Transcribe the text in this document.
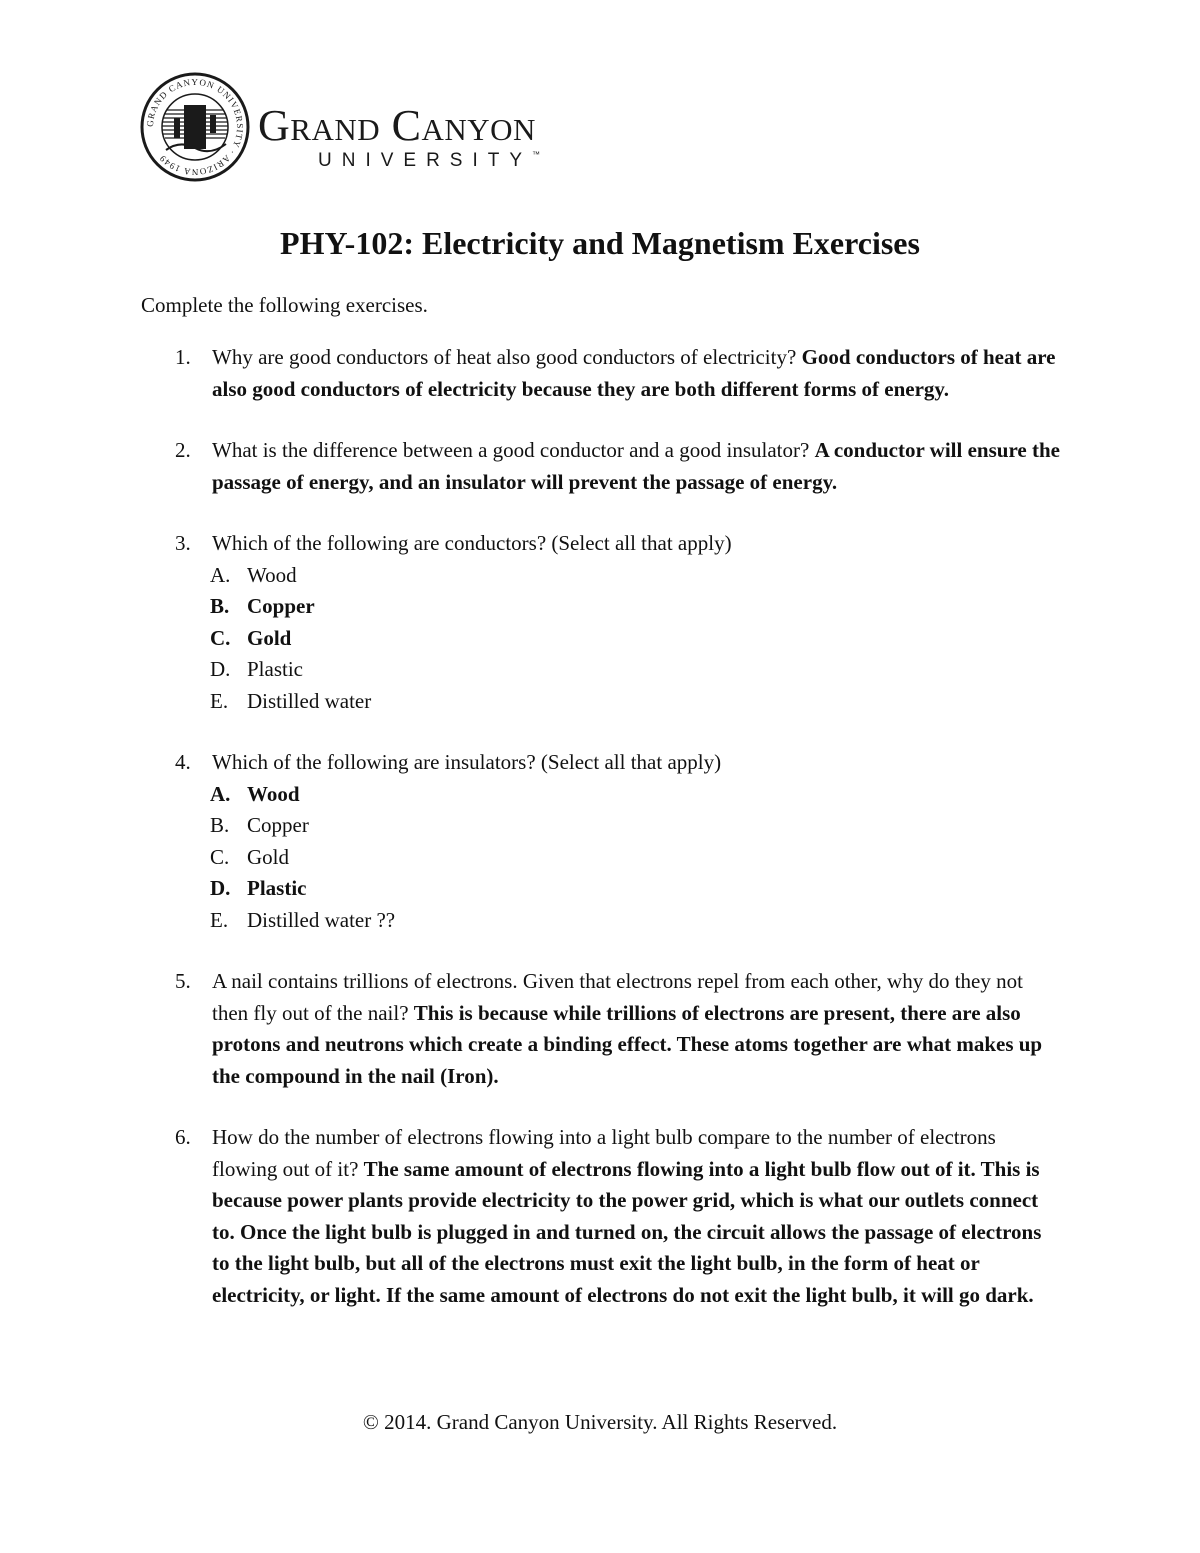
GRAND CANYON UNIVERSITY · ARIZONA 1949
Grand Canyon
UNIVERSITY™
PHY-102: Electricity and Magnetism Exercises

Complete the following exercises.

1. Why are good conductors of heat also good conductors of electricity? Good conductors of heat are also good conductors of electricity because they are both different forms of energy.
2. What is the difference between a good conductor and a good insulator? A conductor will ensure the passage of energy, and an insulator will prevent the passage of energy.
3. Which of the following are conductors? (Select all that apply)
A. Wood
B. Copper
C. Gold
D. Plastic
E. Distilled water
4. Which of the following are insulators? (Select all that apply)
A. Wood
B. Copper
C. Gold
D. Plastic
E. Distilled water ??
5. A nail contains trillions of electrons. Given that electrons repel from each other, why do they not then fly out of the nail? This is because while trillions of electrons are present, there are also protons and neutrons which create a binding effect. These atoms together are what makes up the compound in the nail (Iron).
6. How do the number of electrons flowing into a light bulb compare to the number of electrons flowing out of it? The same amount of electrons flowing into a light bulb flow out of it. This is because power plants provide electricity to the power grid, which is what our outlets connect to. Once the light bulb is plugged in and turned on, the circuit allows the passage of electrons to the light bulb, but all of the electrons must exit the light bulb, in the form of heat or electricity, or light. If the same amount of electrons do not exit the light bulb, it will go dark.

© 2014. Grand Canyon University. All Rights Reserved.
